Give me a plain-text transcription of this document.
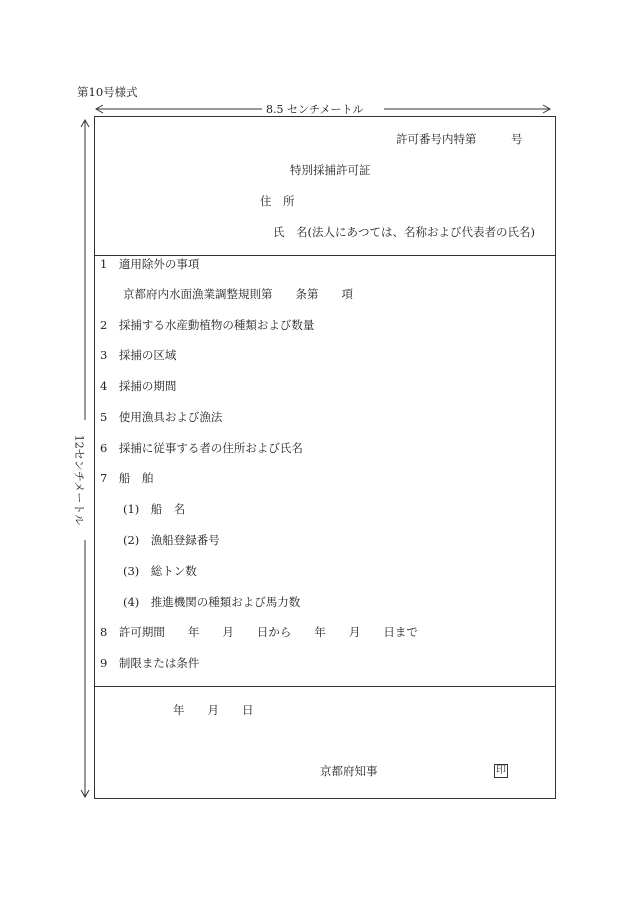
第10号様式
8.5 センチメートル
12センチメートル
許可番号内特第　　　号
特別採捕許可証
住　所
氏　名(法人にあつては、名称および代表者の氏名)
1　適用除外の事項
京都府内水面漁業調整規則第　　条第　　項
2　採捕する水産動植物の種類および数量
3　採捕の区域
4　採捕の期間
5　使用漁具および漁法
6　採捕に従事する者の住所および氏名
7　船　舶
(1)　船　名
(2)　漁船登録番号
(3)　総トン数
(4)　推進機関の種類および馬力数
8　許可期間　　年　　月　　日から　　年　　月　　日まで
9　制限または条件
年　　月　　日
京都府知事	印
